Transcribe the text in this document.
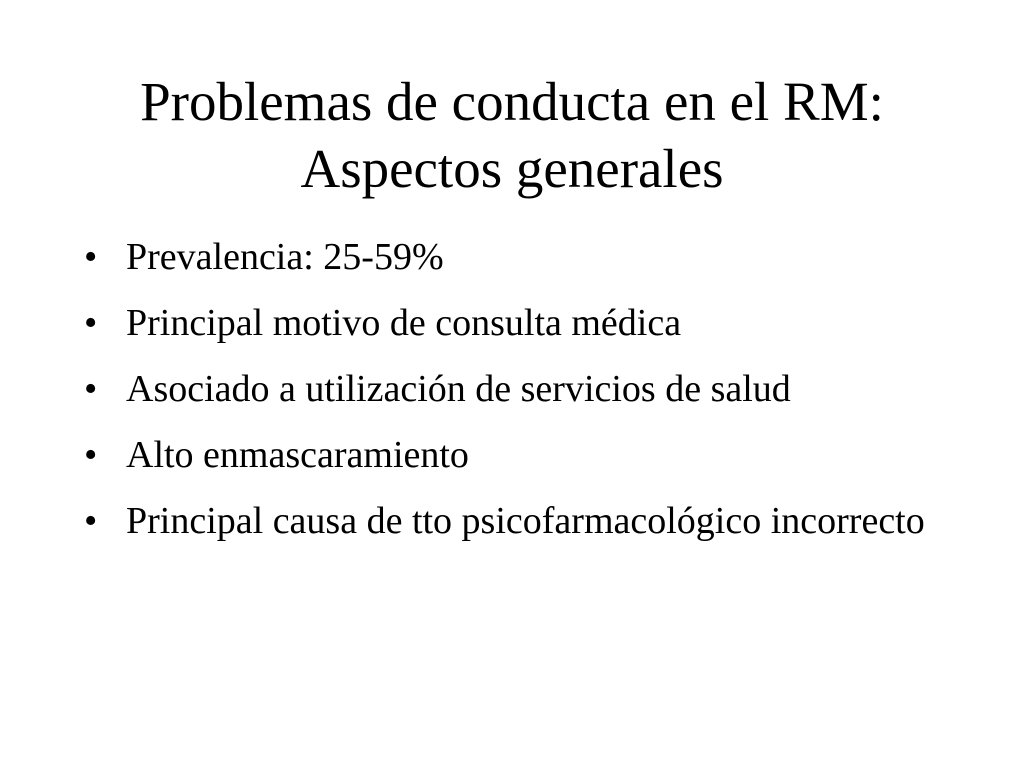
Problemas de conducta en el RM:
Aspectos generales
• Prevalencia: 25-59%
• Principal motivo de consulta médica
• Asociado a utilización de servicios de salud
• Alto enmascaramiento
• Principal causa de tto psicofarmacológico incorrecto
